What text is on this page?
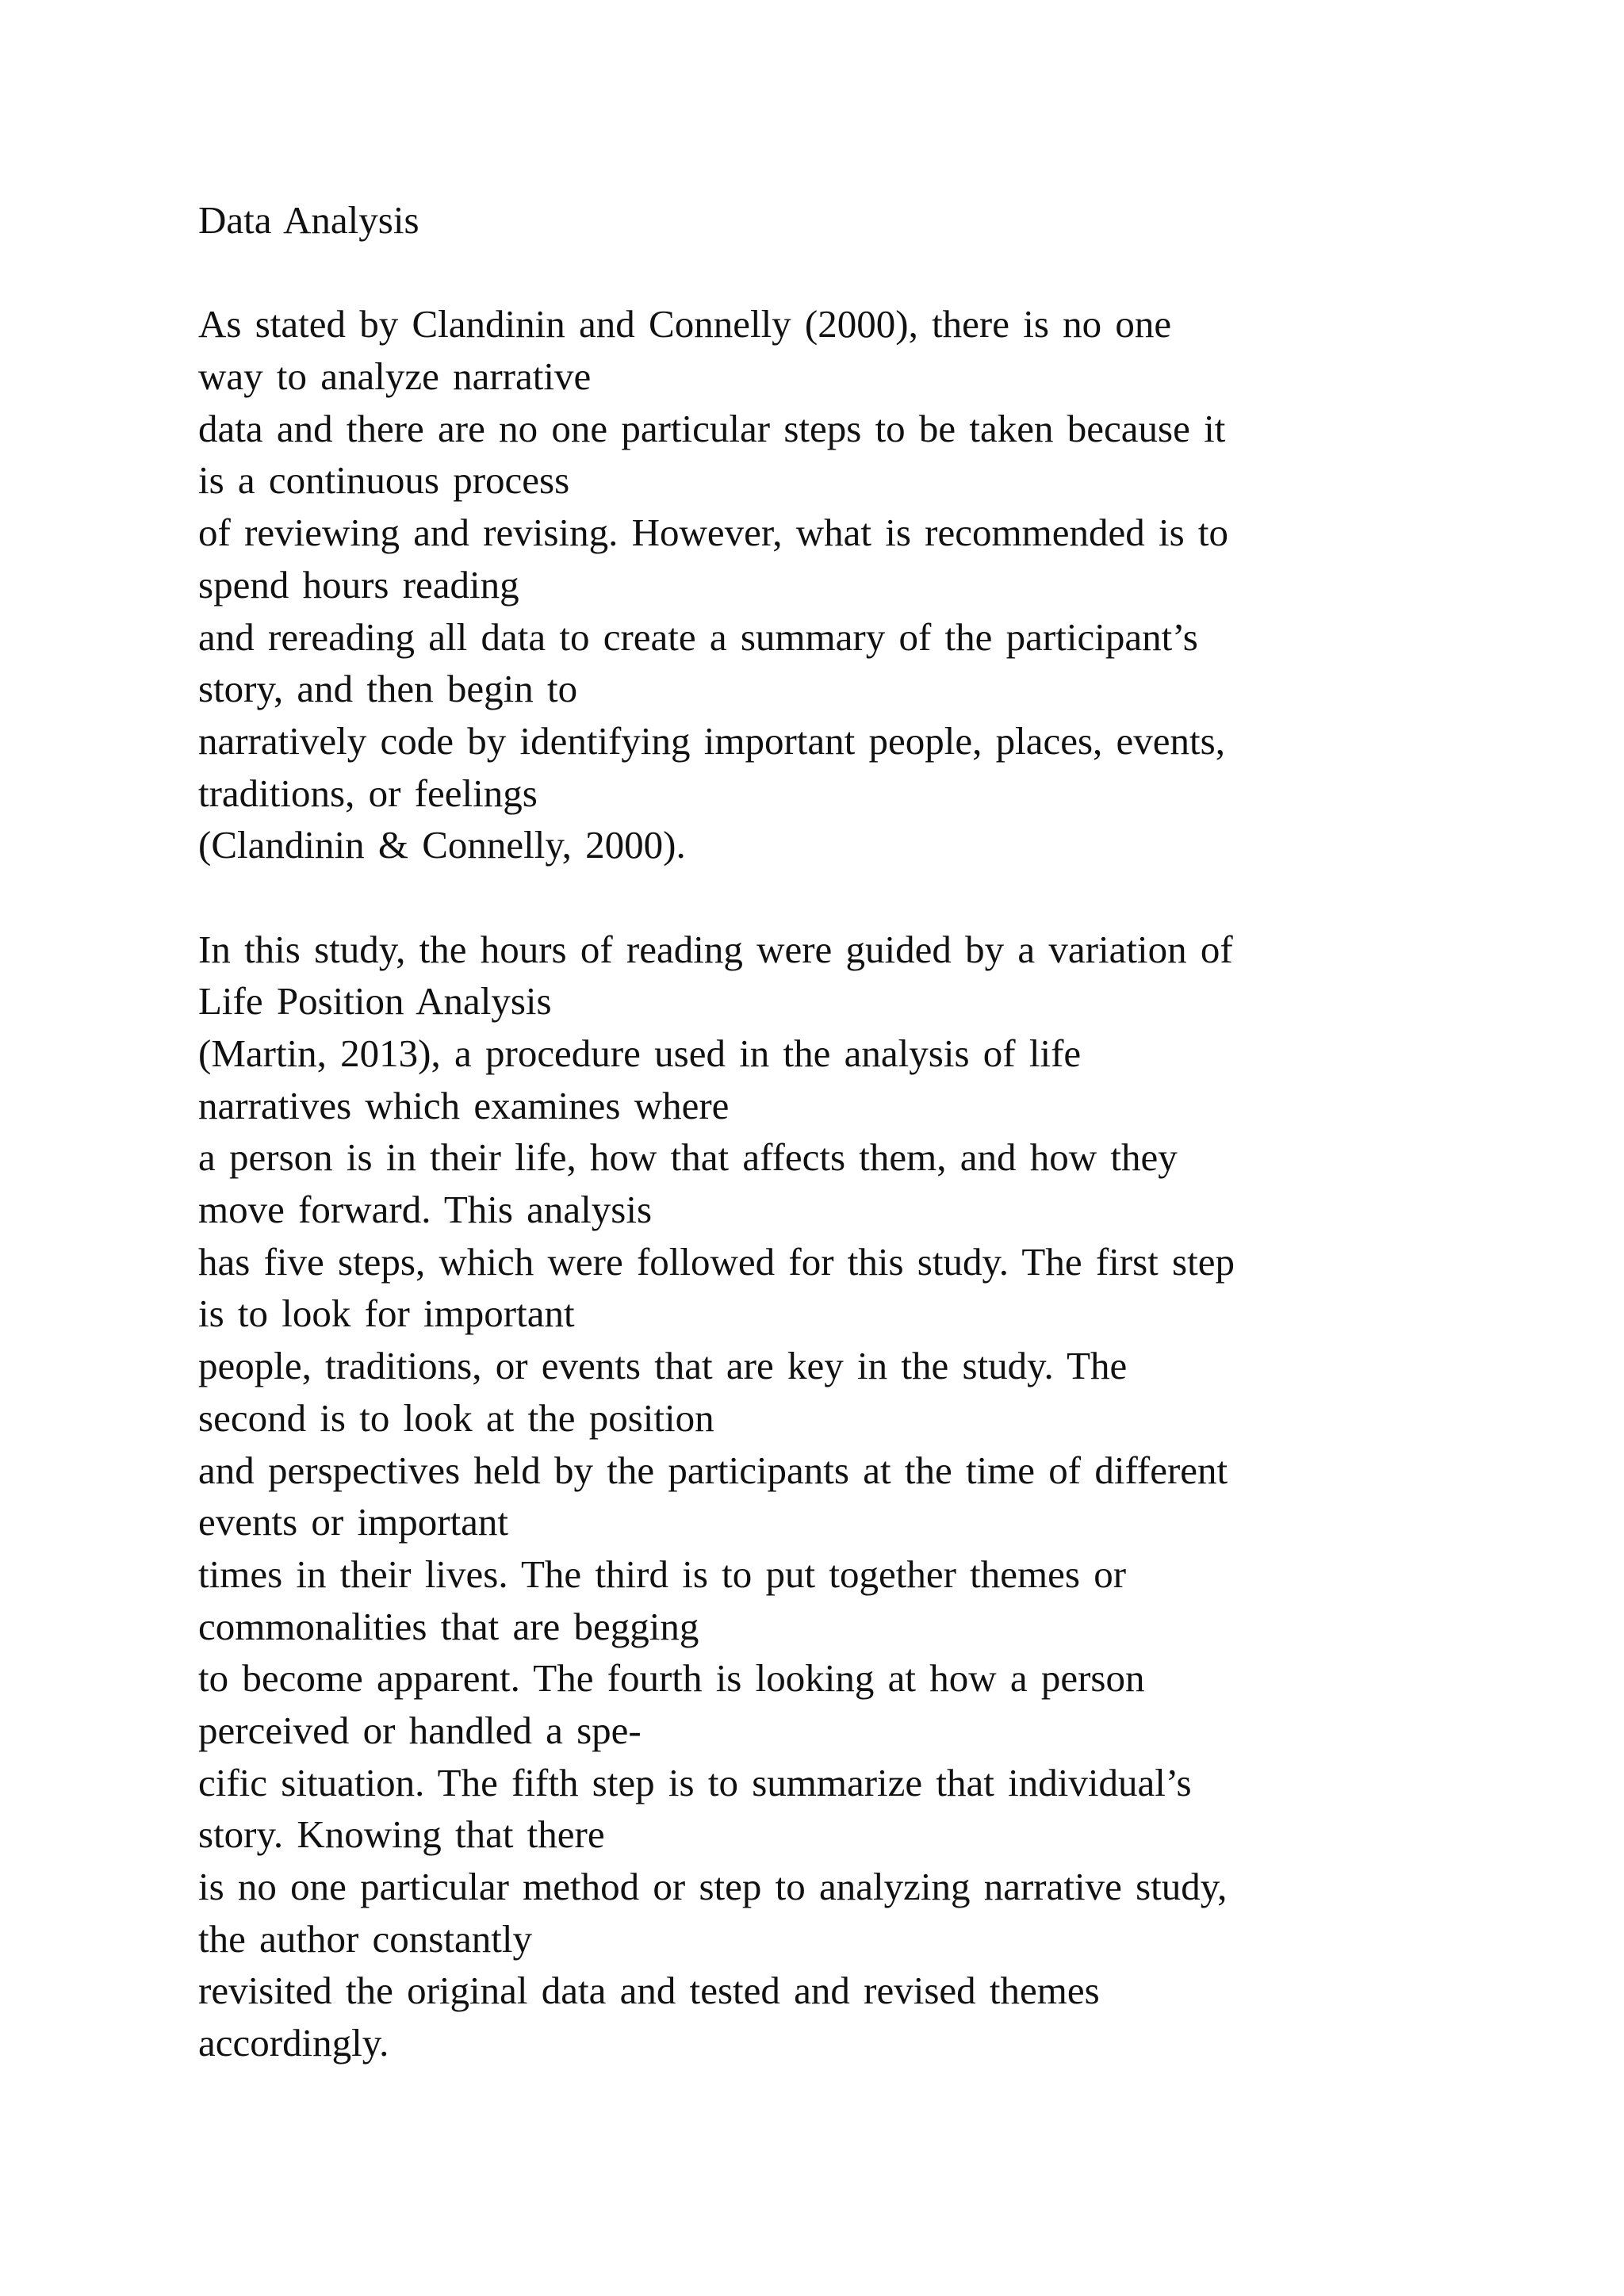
Data Analysis
As stated by Clandinin and Connelly (2000), there is no one
way to analyze narrative
data and there are no one particular steps to be taken because it
is a continuous process
of reviewing and revising. However, what is recommended is to
spend hours reading
and rereading all data to create a summary of the participant’s
story, and then begin to
narratively code by identifying important people, places, events,
traditions, or feelings
(Clandinin & Connelly, 2000).
In this study, the hours of reading were guided by a variation of
Life Position Analysis
(Martin, 2013), a procedure used in the analysis of life
narratives which examines where
a person is in their life, how that affects them, and how they
move forward. This analysis
has five steps, which were followed for this study. The first step
is to look for important
people, traditions, or events that are key in the study. The
second is to look at the position
and perspectives held by the participants at the time of different
events or important
times in their lives. The third is to put together themes or
commonalities that are begging
to become apparent. The fourth is looking at how a person
perceived or handled a spe-
cific situation. The fifth step is to summarize that individual’s
story. Knowing that there
is no one particular method or step to analyzing narrative study,
the author constantly
revisited the original data and tested and revised themes
accordingly.
